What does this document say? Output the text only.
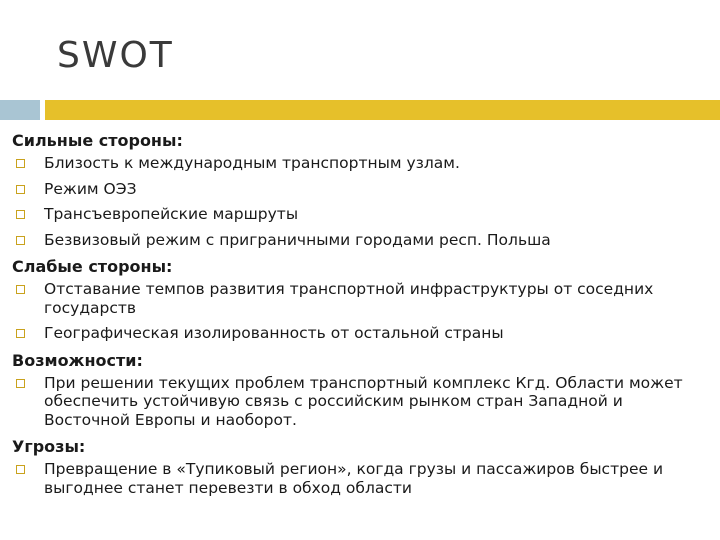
SWOT
Сильные стороны:
Близость к международным транспортным узлам.
Режим ОЭЗ
Трансъевропейские маршруты
Безвизовый режим с приграничными городами респ. Польша
Слабые стороны:
Отставание темпов развития транспортной инфраструктуры от соседних государств
Географическая изолированность от остальной страны
Возможности:
При решении текущих проблем транспортный комплекс Кгд. Области может обеспечить устойчивую связь с российским рынком стран Западной и Восточной Европы и наоборот.
Угрозы:
Превращение в «Тупиковый регион», когда грузы и пассажиров быстрее и выгоднее станет перевезти в обход области
